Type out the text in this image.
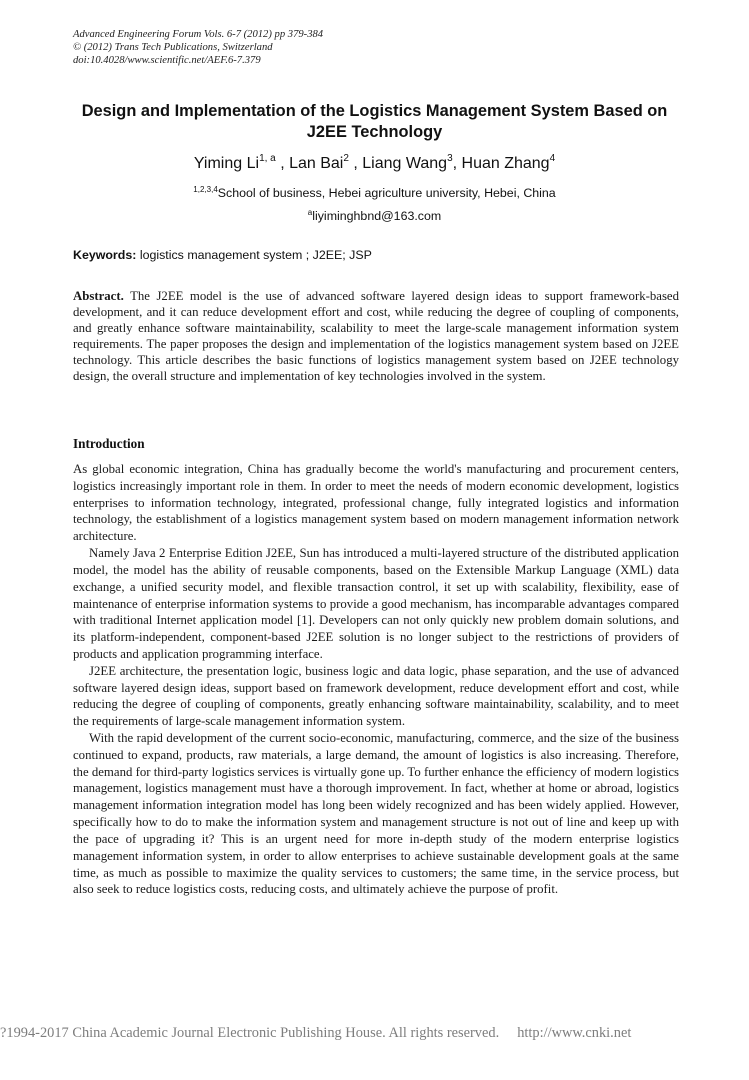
Advanced Engineering Forum Vols. 6-7 (2012) pp 379-384
© (2012) Trans Tech Publications, Switzerland
doi:10.4028/www.scientific.net/AEF.6-7.379
Design and Implementation of the Logistics Management System Based on J2EE Technology
Yiming Li$^{1, a}$ , Lan Bai$^2$ , Liang Wang$^3$, Huan Zhang$^4$
$^{1,2,3,4}$School of business, Hebei agriculture university, Hebei, China
$^a$liyiminghbnd@163.com
Keywords: logistics management system ; J2EE; JSP
Abstract. The J2EE model is the use of advanced software layered design ideas to support framework-based development, and it can reduce development effort and cost, while reducing the degree of coupling of components, and greatly enhance software maintainability, scalability to meet the large-scale management information system requirements. The paper proposes the design and implementation of the logistics management system based on J2EE technology. This article describes the basic functions of logistics management system based on J2EE technology design, the overall structure and implementation of key technologies involved in the system.
Introduction

As global economic integration, China has gradually become the world's manufacturing and procurement centers, logistics increasingly important role in them. In order to meet the needs of modern economic development, logistics enterprises to information technology, integrated, professional change, fully integrated logistics and information technology, the establishment of a logistics management system based on modern management information network architecture.

Namely Java 2 Enterprise Edition J2EE, Sun has introduced a multi-layered structure of the distributed application model, the model has the ability of reusable components, based on the Extensible Markup Language (XML) data exchange, a unified security model, and flexible transaction control, it set up with scalability, flexibility, ease of maintenance of enterprise information systems to provide a good mechanism, has incomparable advantages compared with traditional Internet application model [1]. Developers can not only quickly new problem domain solutions, and its platform-independent, component-based J2EE solution is no longer subject to the restrictions of providers of products and application programming interface.

J2EE architecture, the presentation logic, business logic and data logic, phase separation, and the use of advanced software layered design ideas, support based on framework development, reduce development effort and cost, while reducing the degree of coupling of components, greatly enhancing software maintainability, scalability, and to meet the requirements of large-scale management information system.

With the rapid development of the current socio-economic, manufacturing, commerce, and the size of the business continued to expand, products, raw materials, a large demand, the amount of logistics is also increasing. Therefore, the demand for third-party logistics services is virtually gone up. To further enhance the efficiency of modern logistics management, logistics management must have a thorough improvement. In fact, whether at home or abroad, logistics management information integration model has long been widely recognized and has been widely applied. However, specifically how to do to make the information system and management structure is not out of line and keep up with the pace of upgrading it? This is an urgent need for more in-depth study of the modern enterprise logistics management information system, in order to allow enterprises to achieve sustainable development goals at the same time, as much as possible to maximize the quality services to customers; the same time, in the service process, but also seek to reduce logistics costs, reducing costs, and ultimately achieve the purpose of profit.

?1994-2017 China Academic Journal Electronic Publishing House. All rights reserved. http://www.cnki.net
